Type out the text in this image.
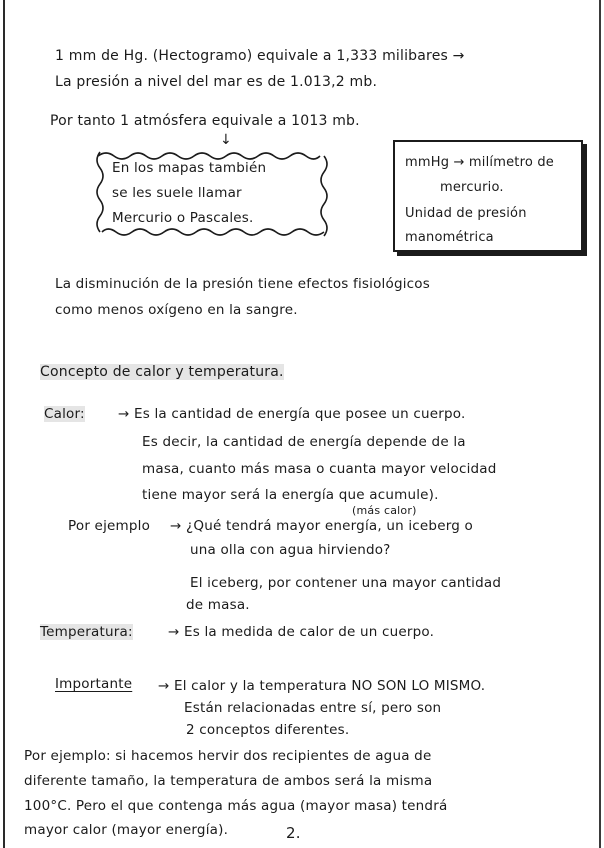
1 mm de Hg. (Hectogramo) equivale a 1,333 milibares →
La presión a nivel del mar es de 1.013,2 mb.
Por tanto 1 atmósfera equivale a 1013 mb.
↓
En los mapas también
se les suele llamar
Mercurio o Pascales.
mmHg → milímetro de
mercurio.
Unidad de presión
manométrica
La disminución de la presión tiene efectos fisiológicos
como menos oxígeno en la sangre.
Concepto de calor y temperatura.
Calor: → Es la cantidad de energía que posee un cuerpo.
Es decir, la cantidad de energía depende de la
masa, cuanto más masa o cuanta mayor velocidad
tiene mayor será la energía que acumule).
(más calor)
Por ejemplo → ¿Qué tendrá mayor energía, un iceberg o
una olla con agua hirviendo?
El iceberg, por contener una mayor cantidad
de masa.
Temperatura:	→ Es la medida de calor de un cuerpo.
Importante → El calor y la temperatura NO SON LO MISMO.
Están relacionadas entre sí, pero son
2 conceptos diferentes.
Por ejemplo: si hacemos hervir dos recipientes de agua de
diferente tamaño, la temperatura de ambos será la misma
100°C. Pero el que contenga más agua (mayor masa) tendrá
mayor calor (mayor energía).	2.
